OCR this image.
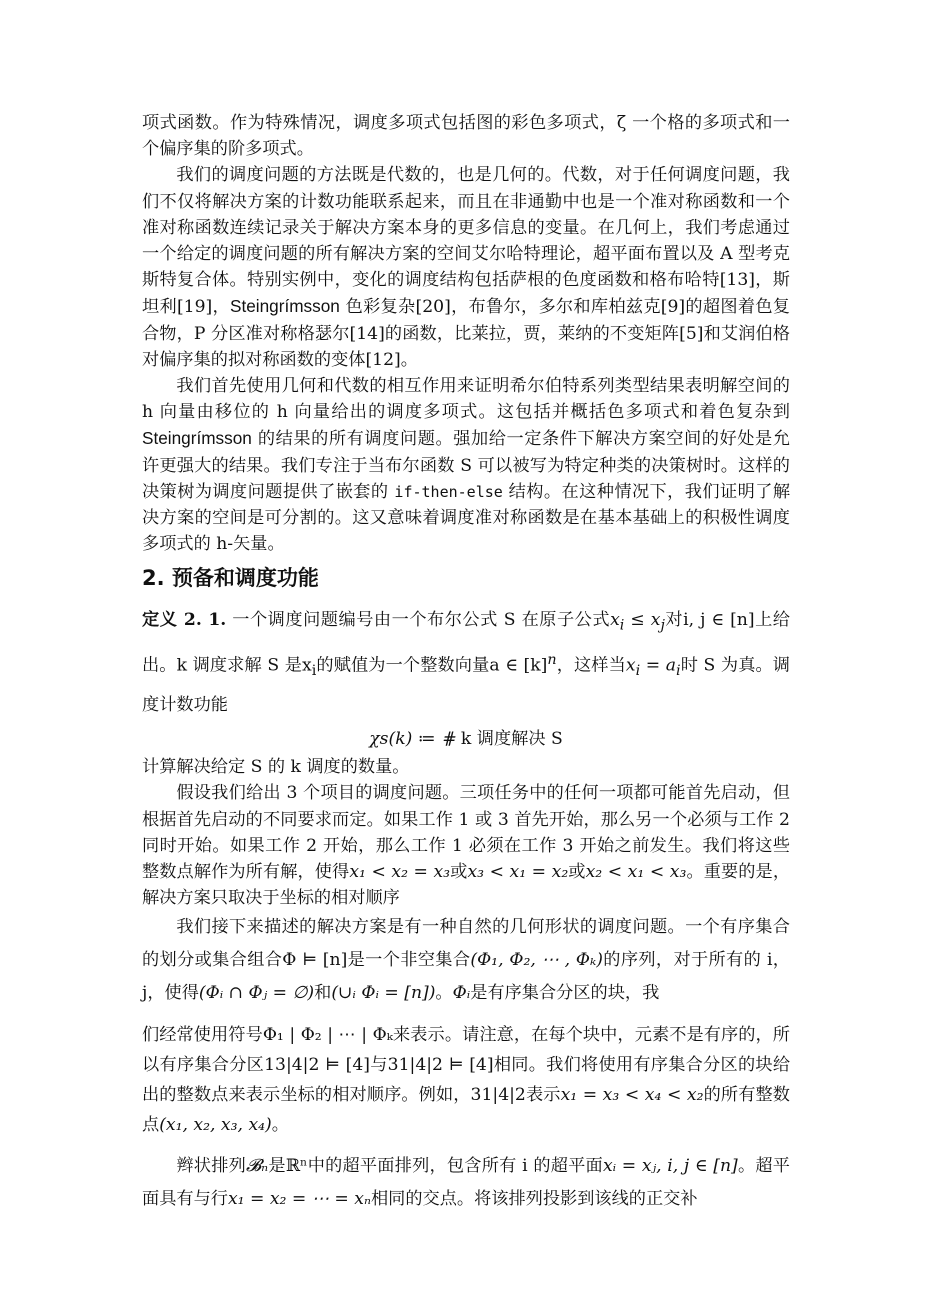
项式函数。作为特殊情况，调度多项式包括图的彩色多项式，ζ 一个格的多项式和一个偏序集的阶多项式。

我们的调度问题的方法既是代数的，也是几何的。代数，对于任何调度问题，我们不仅将解决方案的计数功能联系起来，而且在非通勤中也是一个准对称函数和一个准对称函数连续记录关于解决方案本身的更多信息的变量。在几何上，我们考虑通过一个给定的调度问题的所有解决方案的空间艾尔哈特理论，超平面布置以及 A 型考克斯特复合体。特别实例中，变化的调度结构包括萨根的色度函数和格布哈特[13]，斯坦利[19]，Steingrímsson 色彩复杂[20]，布鲁尔，多尔和库柏兹克[9]的超图着色复合物，P 分区准对称格瑟尔[14]的函数，比莱拉，贾，莱纳的不变矩阵[5]和艾润伯格对偏序集的拟对称函数的变体[12]。

我们首先使用几何和代数的相互作用来证明希尔伯特系列类型结果表明解空间的 h 向量由移位的 h 向量给出的调度多项式。这包括并概括色多项式和着色复杂到 Steingrímsson 的结果的所有调度问题。强加给一定条件下解决方案空间的好处是允许更强大的结果。我们专注于当布尔函数 S 可以被写为特定种类的决策树时。这样的决策树为调度问题提供了嵌套的 if-then-else 结构。在这种情况下，我们证明了解决方案的空间是可分割的。这又意味着调度准对称函数是在基本基础上的积极性调度多项式的 h-矢量。

2. 预备和调度功能

定义 2. 1. 一个调度问题编号由一个布尔公式 S 在原子公式$x_i \le x_j$对i, j ∈ [n]上给出。k 调度求解 S 是$x_i$的赋值为一个整数向量a ∈ $[k]^n$，这样当$x_i = a_i$时 S 为真。调度计数功能

χs(k) ≔ ⋕ k 调度解决 S

计算解决给定 S 的 k 调度的数量。

假设我们给出 3 个项目的调度问题。三项任务中的任何一项都可能首先启动，但根据首先启动的不同要求而定。如果工作 1 或 3 首先开始，那么另一个必须与工作 2 同时开始。如果工作 2 开始，那么工作 1 必须在工作 3 开始之前发生。我们将这些整数点解作为所有解，使得x₁ < x₂ = x₃或x₃ < x₁ = x₂或x₂ < x₁ < x₃。重要的是，解决方案只取决于坐标的相对顺序

我们接下来描述的解决方案是有一种自然的几何形状的调度问题。一个有序集合的划分或集合组合Φ ⊨ [n]是一个非空集合(Φ₁, Φ₂, ⋯ , Φₖ)的序列，对于所有的 i，j，使得(Φᵢ ∩ Φⱼ = ∅)和(∪ᵢ Φᵢ = [n])。Φᵢ是有序集合分区的块，我

们经常使用符号Φ₁ | Φ₂ | ⋯ | Φₖ来表示。请注意，在每个块中，元素不是有序的，所以有序集合分区13|4|2 ⊨ [4]与31|4|2 ⊨ [4]相同。我们将使用有序集合分区的块给出的整数点来表示坐标的相对顺序。例如，31|4|2表示x₁ = x₃ < x₄ < x₂的所有整数点(x₁, x₂, x₃, x₄)。

辫状排列𝓑ₙ是ℝⁿ中的超平面排列，包含所有 i 的超平面xᵢ = xⱼ, i, j ∈ [n]。超平面具有与行x₁ = x₂ = ⋯ = xₙ相同的交点。将该排列投影到该线的正交补
